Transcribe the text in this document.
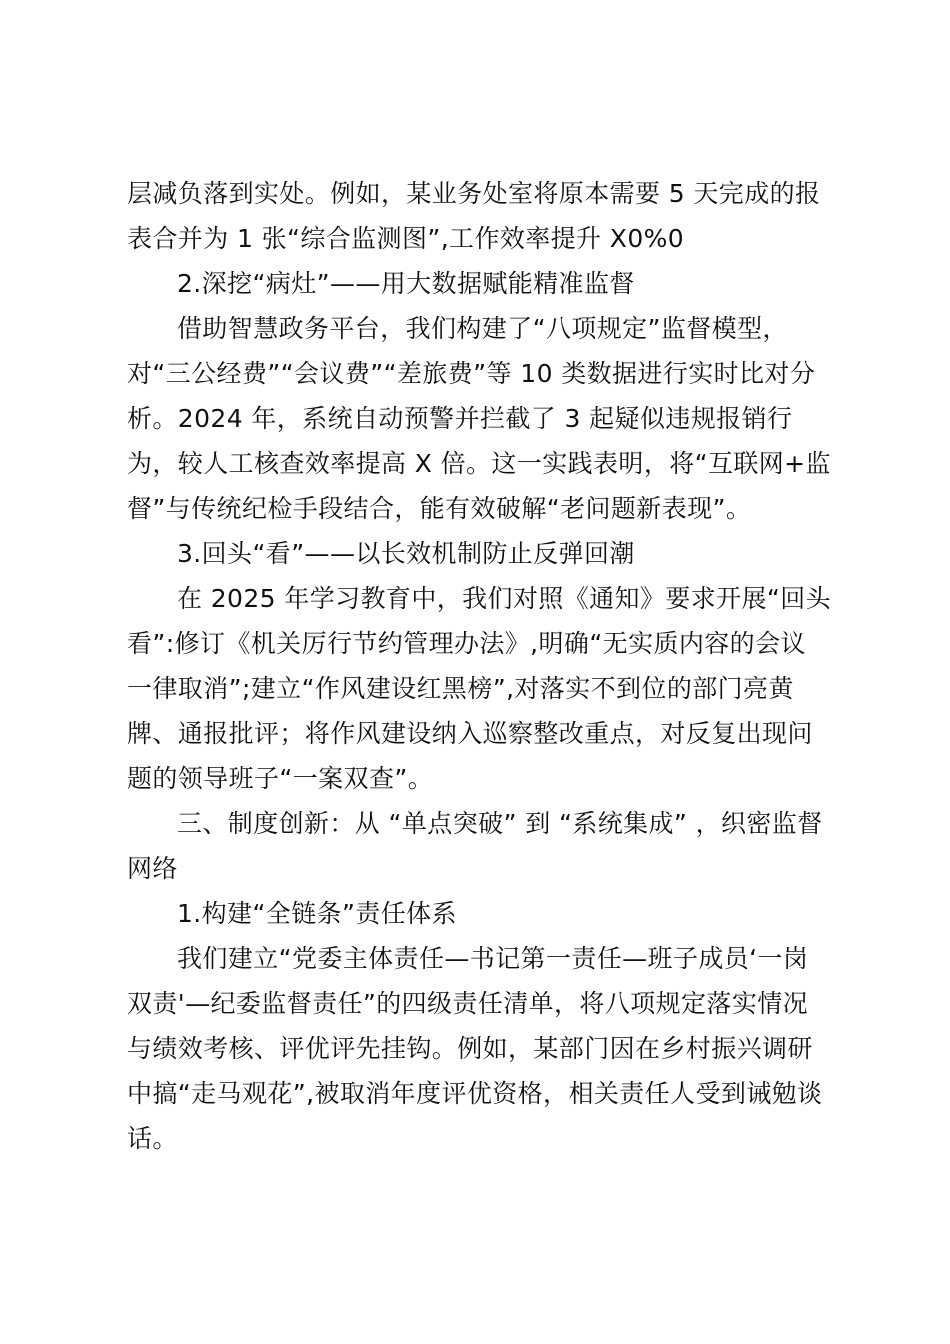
层减负落到实处。例如，某业务处室将原本需要 5 天完成的报
表合并为 1 张“综合监测图”,工作效率提升 X0%0
2.深挖“病灶”——用大数据赋能精准监督
借助智慧政务平台，我们构建了“八项规定”监督模型，
对“三公经费”“会议费”“差旅费”等 10 类数据进行实时比对分
析。2024 年，系统自动预警并拦截了 3 起疑似违规报销行
为，较人工核查效率提高 X 倍。这一实践表明，将“互联网+监
督”与传统纪检手段结合，能有效破解“老问题新表现”。
3.回头“看”——以长效机制防止反弹回潮
在 2025 年学习教育中，我们对照《通知》要求开展“回头
看”:修订《机关厉行节约管理办法》,明确“无实质内容的会议
一律取消”;建立“作风建设红黑榜”,对落实不到位的部门亮黄
牌、通报批评；将作风建设纳入巡察整改重点，对反复出现问
题的领导班子“一案双查”。
三、制度创新：从 “单点突破” 到 “系统集成” ，织密监督
网络
1.构建“全链条”责任体系
我们建立“党委主体责任—书记第一责任—班子成员‘一岗
双责'—纪委监督责任”的四级责任清单，将八项规定落实情况
与绩效考核、评优评先挂钩。例如，某部门因在乡村振兴调研
中搞“走马观花”,被取消年度评优资格，相关责任人受到诫勉谈
话。
